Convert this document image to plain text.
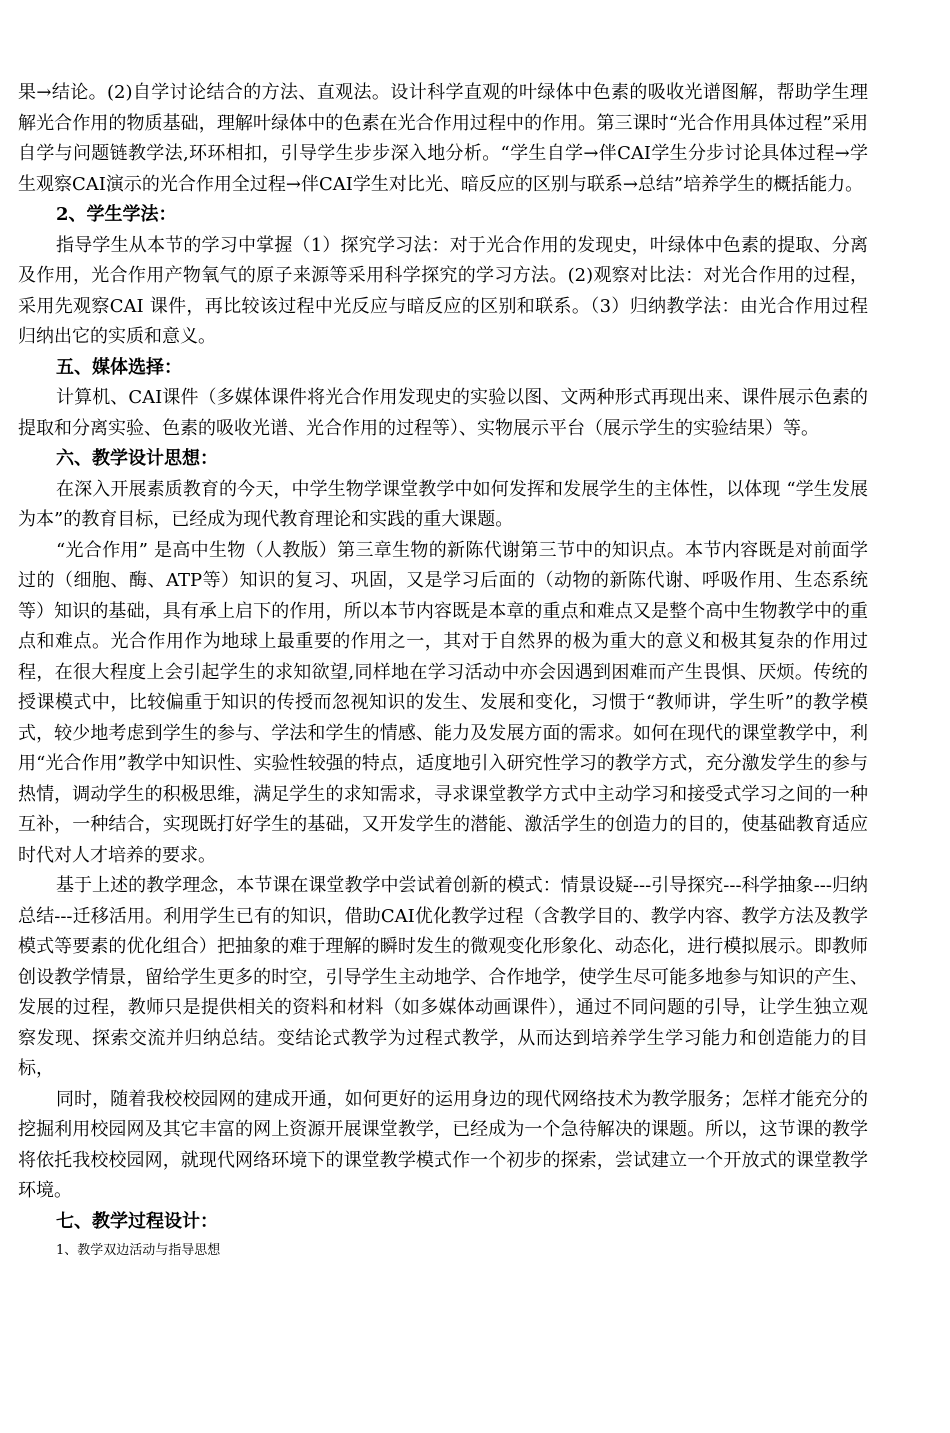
果→结论。(2)自学讨论结合的方法、直观法。设计科学直观的叶绿体中色素的吸收光谱图解，帮助学生理解光合作用的物质基础，理解叶绿体中的色素在光合作用过程中的作用。第三课时“光合作用具体过程”采用自学与问题链教学法,环环相扣，引导学生步步深入地分析。“学生自学→伴CAI学生分步讨论具体过程→学生观察CAI演示的光合作用全过程→伴CAI学生对比光、暗反应的区别与联系→总结”培养学生的概括能力。

2、学生学法：

指导学生从本节的学习中掌握（1）探究学习法：对于光合作用的发现史，叶绿体中色素的提取、分离及作用，光合作用产物氧气的原子来源等采用科学探究的学习方法。(2)观察对比法：对光合作用的过程，采用先观察CAI 课件，再比较该过程中光反应与暗反应的区别和联系。（3）归纳教学法：由光合作用过程归纳出它的实质和意义。

五、媒体选择：

计算机、CAI课件（多媒体课件将光合作用发现史的实验以图、文两种形式再现出来、课件展示色素的提取和分离实验、色素的吸收光谱、光合作用的过程等）、实物展示平台（展示学生的实验结果）等。

六、教学设计思想：

在深入开展素质教育的今天，中学生物学课堂教学中如何发挥和发展学生的主体性，以体现 “学生发展为本”的教育目标，已经成为现代教育理论和实践的重大课题。

“光合作用” 是高中生物（人教版）第三章生物的新陈代谢第三节中的知识点。本节内容既是对前面学过的（细胞、酶、ATP等）知识的复习、巩固，又是学习后面的（动物的新陈代谢、呼吸作用、生态系统等）知识的基础，具有承上启下的作用，所以本节内容既是本章的重点和难点又是整个高中生物教学中的重点和难点。光合作用作为地球上最重要的作用之一，其对于自然界的极为重大的意义和极其复杂的作用过程，在很大程度上会引起学生的求知欲望,同样地在学习活动中亦会因遇到困难而产生畏惧、厌烦。传统的授课模式中，比较偏重于知识的传授而忽视知识的发生、发展和变化，习惯于“教师讲，学生听”的教学模式，较少地考虑到学生的参与、学法和学生的情感、能力及发展方面的需求。如何在现代的课堂教学中，利用“光合作用”教学中知识性、实验性较强的特点，适度地引入研究性学习的教学方式，充分激发学生的参与热情，调动学生的积极思维，满足学生的求知需求，寻求课堂教学方式中主动学习和接受式学习之间的一种互补，一种结合，实现既打好学生的基础，又开发学生的潜能、激活学生的创造力的目的，使基础教育适应时代对人才培养的要求。

基于上述的教学理念，本节课在课堂教学中尝试着创新的模式：情景设疑---引导探究---科学抽象---归纳总结---迁移活用。利用学生已有的知识，借助CAI优化教学过程（含教学目的、教学内容、教学方法及教学模式等要素的优化组合）把抽象的难于理解的瞬时发生的微观变化形象化、动态化，进行模拟展示。即教师创设教学情景，留给学生更多的时空，引导学生主动地学、合作地学，使学生尽可能多地参与知识的产生、发展的过程，教师只是提供相关的资料和材料（如多媒体动画课件），通过不同问题的引导，让学生独立观察发现、探索交流并归纳总结。变结论式教学为过程式教学，从而达到培养学生学习能力和创造能力的目标，

同时，随着我校校园网的建成开通，如何更好的运用身边的现代网络技术为教学服务；怎样才能充分的挖掘利用校园网及其它丰富的网上资源开展课堂教学，已经成为一个急待解决的课题。所以，这节课的教学将依托我校校园网，就现代网络环境下的课堂教学模式作一个初步的探索，尝试建立一个开放式的课堂教学环境。

七、教学过程设计：

1、教学双边活动与指导思想
